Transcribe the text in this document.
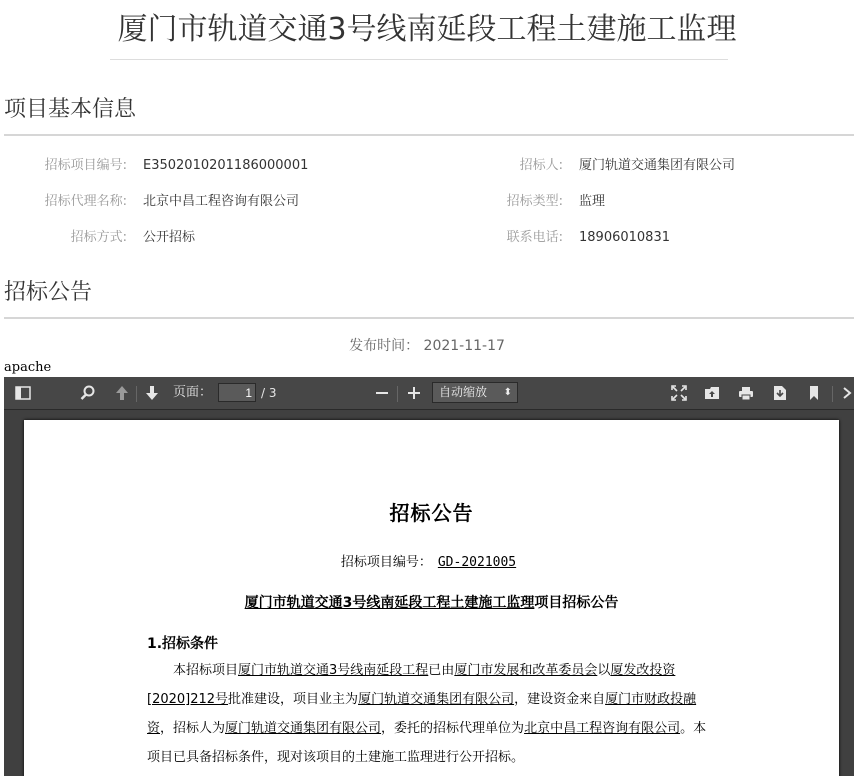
厦门市轨道交通3号线南延段工程土建施工监理
项目基本信息
招标项目编号: E3502010201186000001	招标人: 厦门轨道交通集团有限公司
招标代理名称: 北京中昌工程咨询有限公司	招标类型: 监理
招标方式: 公开招标	联系电话: 18906010831
招标公告
发布时间： 2021-11-17
apache
页面：
1	/ 3	自动缩放 ⬍
招标公告
招标项目编号： GD-2021005
厦门市轨道交通3号线南延段工程土建施工监理项目招标公告
1.招标条件
本招标项目厦门市轨道交通3号线南延段工程已由厦门市发展和改革委员会以厦发改投资[2020]212号批准建设，项目业主为厦门轨道交通集团有限公司，建设资金来自厦门市财政投融资，招标人为厦门轨道交通集团有限公司，委托的招标代理单位为北京中昌工程咨询有限公司。本项目已具备招标条件，现对该项目的土建施工监理进行公开招标。
